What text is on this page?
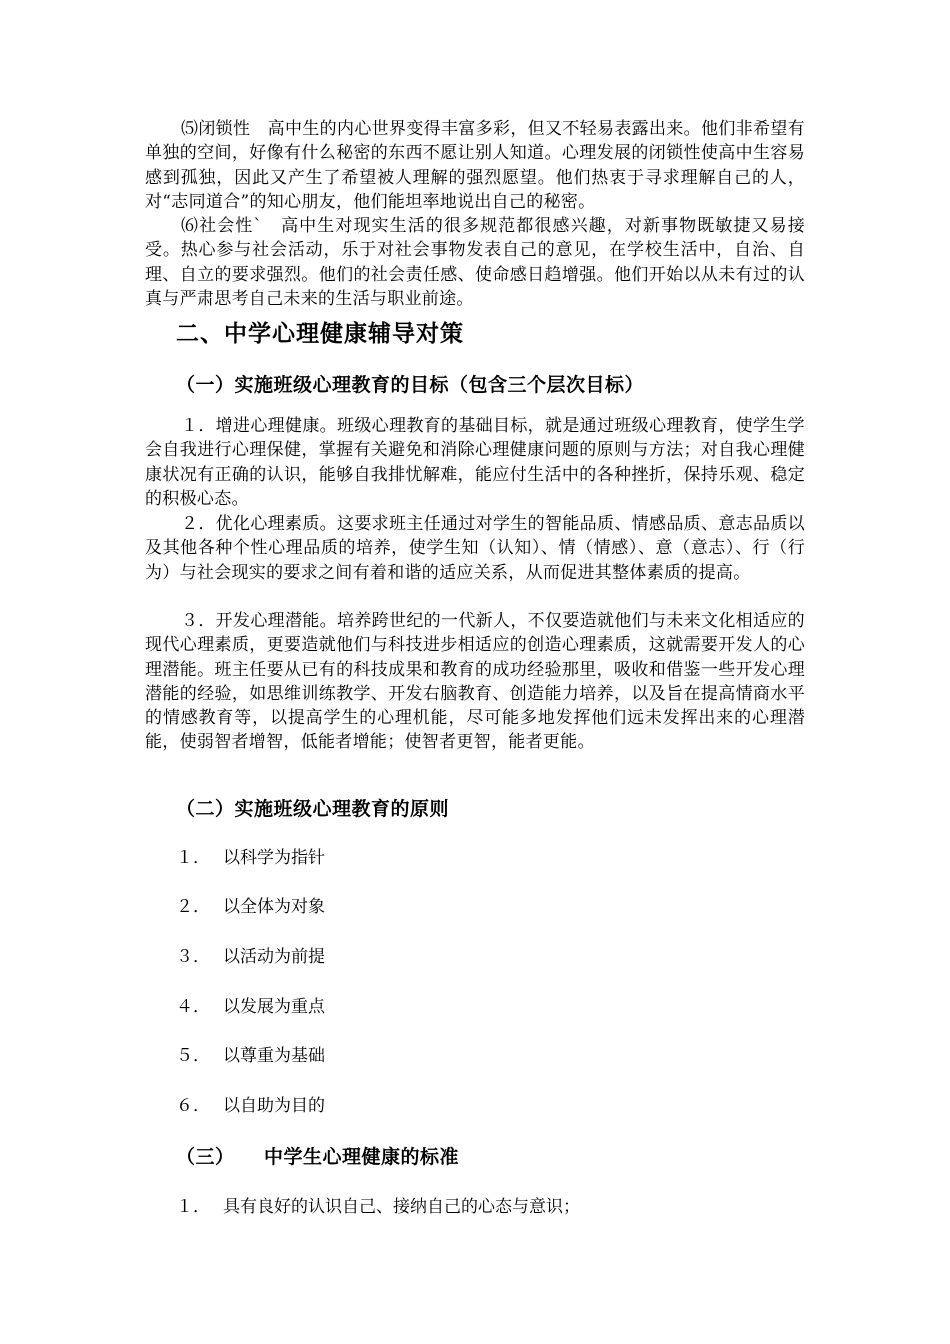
⑸闭锁性　高中生的内心世界变得丰富多彩，但又不轻易表露出来。他们非希望有单独的空间，好像有什么秘密的东西不愿让别人知道。心理发展的闭锁性使高中生容易感到孤独，因此又产生了希望被人理解的强烈愿望。他们热衷于寻求理解自己的人，对“志同道合”的知心朋友，他们能坦率地说出自己的秘密。

⑹社会性`　高中生对现实生活的很多规范都很感兴趣，对新事物既敏捷又易接受。热心参与社会活动，乐于对社会事物发表自己的意见，在学校生活中，自治、自理、自立的要求强烈。他们的社会责任感、使命感日趋增强。他们开始以从未有过的认真与严肃思考自己未来的生活与职业前途。

二、中学心理健康辅导对策
（一）实施班级心理教育的目标（包含三个层次目标）

１．增进心理健康。班级心理教育的基础目标，就是通过班级心理教育，使学生学会自我进行心理保健，掌握有关避免和消除心理健康问题的原则与方法；对自我心理健康状况有正确的认识，能够自我排忧解难，能应付生活中的各种挫折，保持乐观、稳定的积极心态。

２．优化心理素质。这要求班主任通过对学生的智能品质、情感品质、意志品质以及其他各种个性心理品质的培养，使学生知（认知）、情（情感）、意（意志）、行（行为）与社会现实的要求之间有着和谐的适应关系，从而促进其整体素质的提高。

３．开发心理潜能。培养跨世纪的一代新人，不仅要造就他们与未来文化相适应的现代心理素质，更要造就他们与科技进步相适应的创造心理素质，这就需要开发人的心理潜能。班主任要从已有的科技成果和教育的成功经验那里，吸收和借鉴一些开发心理潜能的经验，如思维训练教学、开发右脑教育、创造能力培养，以及旨在提高情商水平的情感教育等，以提高学生的心理机能，尽可能多地发挥他们远未发挥出来的心理潜能，使弱智者增智，低能者增能；使智者更智，能者更能。

（二）实施班级心理教育的原则

１． 以科学为指针

２． 以全体为对象

３． 以活动为前提

４． 以发展为重点

５． 以尊重为基础

６． 以自助为目的

（三）　　中学生心理健康的标准

１． 具有良好的认识自己、接纳自己的心态与意识；
